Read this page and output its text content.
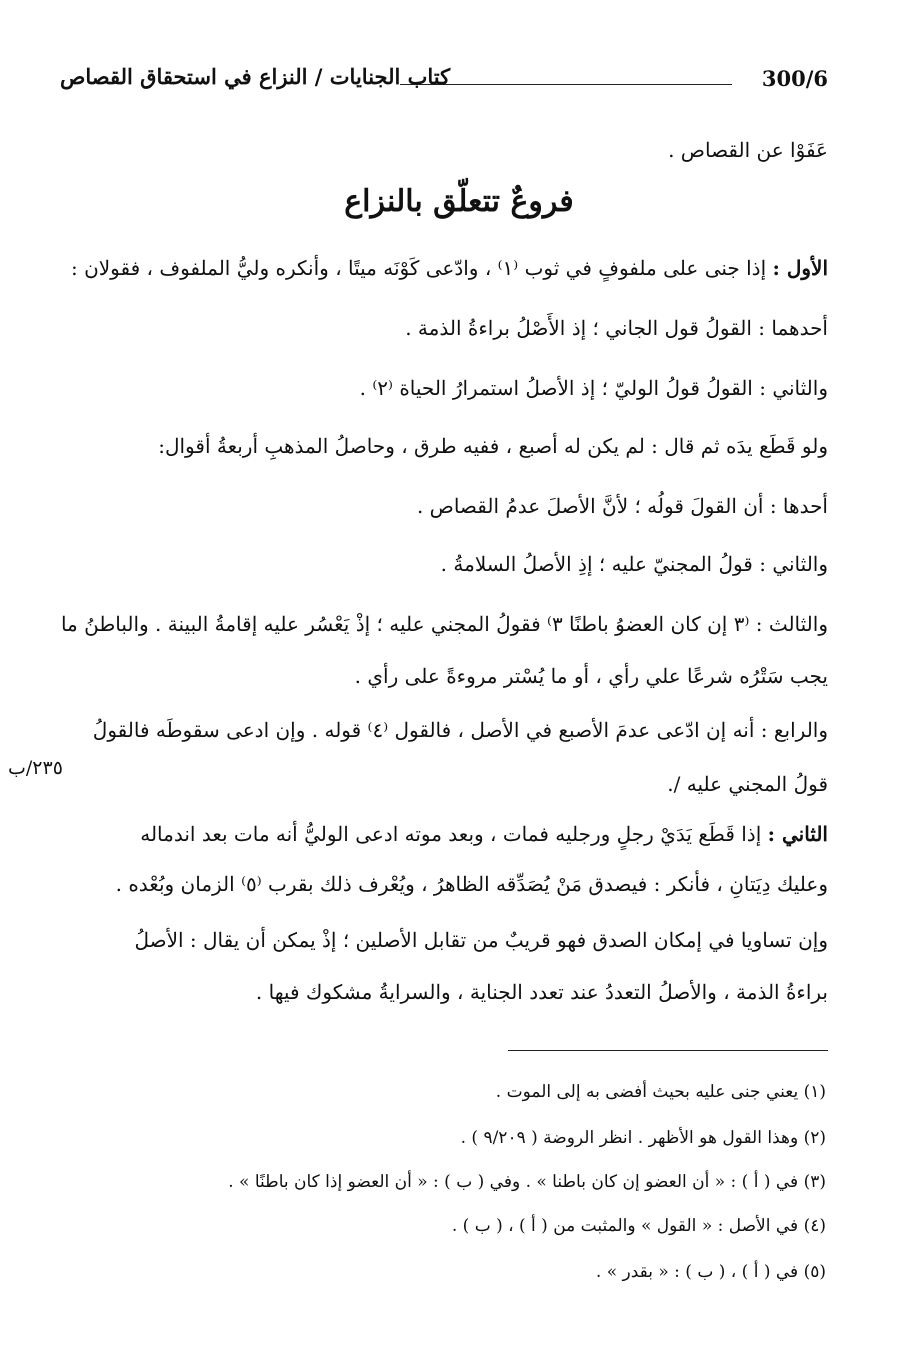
300/6
كتاب الجنايات / النزاع في استحقاق القصاص
عَفَوْا عن القصاص .
فروعٌ تتعلّق بالنزاع
الأول : إذا جنى على ملفوفٍ في ثوب ⁽١⁾ ، وادّعى كَوْنَه ميتًا ، وأنكره وليُّ الملفوف ، فقولان :
أحدهما : القولُ قول الجاني ؛ إذ الأَصْلُ براءةُ الذمة .
والثاني : القولُ قولُ الوليّ ؛ إذ الأصلُ استمرارُ الحياة ⁽٢⁾ .
ولو قَطَع يدَه ثم قال : لم يكن له أصبع ، ففيه طرق ، وحاصلُ المذهبِ أربعةُ أقوال:
أحدها : أن القولَ قولُه ؛ لأنَّ الأصلَ عدمُ القصاص .
والثاني : قولُ المجنيّ عليه ؛ إذِ الأصلُ السلامةُ .
والثالث : ⁽٣ إن كان العضوُ باطنًا ٣⁾ فقولُ المجني عليه ؛ إذْ يَعْسُر عليه إقامةُ البينة . والباطنُ ما
يجب سَتْرُه شرعًا علي رأي ، أو ما يُسْتر مروءةً على رأي .
والرابع : أنه إن ادّعى عدمَ الأصبع في الأصل ، فالقول ⁽٤⁾ قوله . وإن ادعى سقوطَه فالقولُ
قولُ المجني عليه /.
٢٣٥/ب
الثاني : إذا قَطَع يَدَيْ رجلٍ ورجليه فمات ، وبعد موته ادعى الوليُّ أنه مات بعد اندماله
وعليك دِيَتانِ ، فأنكر : فيصدق مَنْ يُصَدِّقه الظاهرُ ، ويُعْرف ذلك بقرب ⁽٥⁾ الزمان وبُعْده .
وإن تساويا في إمكان الصدق فهو قريبٌ من تقابل الأصلين ؛ إذْ يمكن أن يقال : الأصلُ
براءةُ الذمة ، والأصلُ التعددُ عند تعدد الجناية ، والسرايةُ مشكوك فيها .
(١) يعني جنى عليه بحيث أفضى به إلى الموت .
(٢) وهذا القول هو الأظهر . انظر الروضة ( ٩/٢٠٩ ) .
(٣) في ( أ ) : « أن العضو إن كان باطنا » . وفي ( ب ) : « أن العضو إذا كان باطنًا » .
(٤) في الأصل : « القول » والمثبت من ( أ ) ، ( ب ) .
(٥) في ( أ ) ، ( ب ) : « بقدر » .
